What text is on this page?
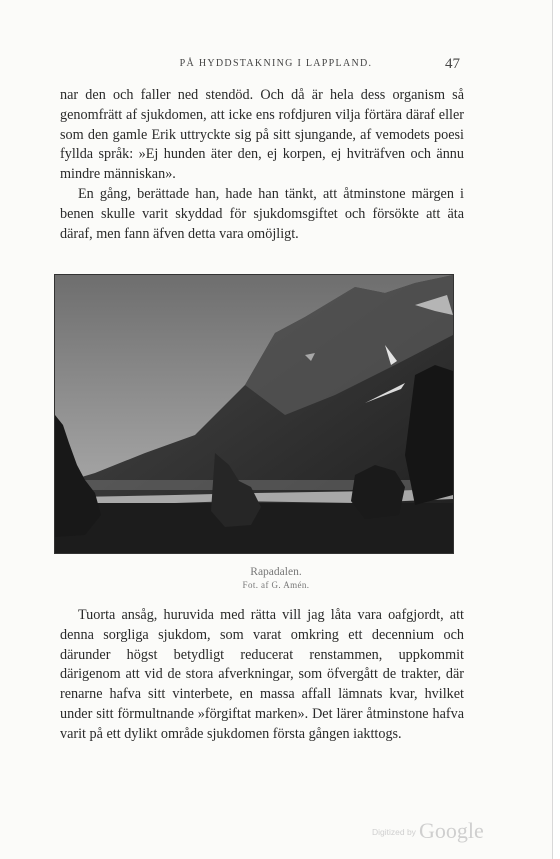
PÅ HYDDSTAKNING I LAPPLAND.	47

nar den och faller ned stendöd. Och då är hela dess organism så genomfrätt af sjukdomen, att icke ens rofdjuren vilja förtära däraf eller som den gamle Erik uttryckte sig på sitt sjungande, af vemodets poesi fyllda språk: »Ej hunden äter den, ej korpen, ej hviträfven och ännu mindre människan».

En gång, berättade han, hade han tänkt, att åtminstone märgen i benen skulle varit skyddad för sjukdomsgiftet och försökte att äta däraf, men fann äfven detta vara omöjligt.

Rapadalen.
Fot. af G. Amén.

Tuorta ansåg, huruvida med rätta vill jag låta vara oafgjordt, att denna sorgliga sjukdom, som varat omkring ett decennium och därunder högst betydligt reducerat renstammen, uppkommit därigenom att vid de stora afverkningar, som öfvergått de trakter, där renarne hafva sitt vinterbete, en massa affall lämnats kvar, hvilket under sitt förmultnande »förgiftat marken». Det lärer åtminstone hafva varit på ett dylikt område sjukdomen första gången iakttogs.

Digitized by Google
